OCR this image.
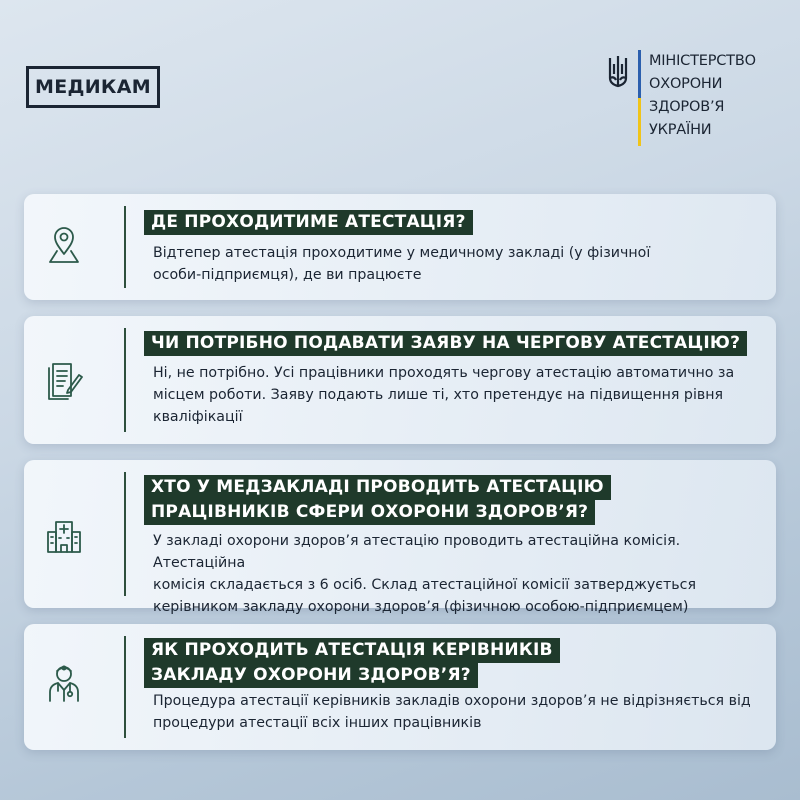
МЕДИКАМ
МІНІСТЕРСТВО
ОХОРОНИ
ЗДОРОВ’Я
УКРАЇНИ
ДЕ ПРОХОДИТИМЕ АТЕСТАЦІЯ?
Відтепер атестація проходитиме у медичному закладі (у фізичної
особи-підприємця), де ви працюєте
ЧИ ПОТРІБНО ПОДАВАТИ ЗАЯВУ НА ЧЕРГОВУ АТЕСТАЦІЮ?
Ні, не потрібно. Усі працівники проходять чергову атестацію автоматично за
місцем роботи. Заяву подають лише ті, хто претендує на підвищення рівня
кваліфікації
ХТО У МЕДЗАКЛАДІ ПРОВОДИТЬ АТЕСТАЦІЮ
ПРАЦІВНИКІВ СФЕРИ ОХОРОНИ ЗДОРОВ’Я?
У закладі охорони здоров’я атестацію проводить атестаційна комісія. Атестаційна
комісія складається з 6 осіб. Склад атестаційної комісії затверджується
керівником закладу охорони здоров’я (фізичною особою-підприємцем)
ЯК ПРОХОДИТЬ АТЕСТАЦІЯ КЕРІВНИКІВ
ЗАКЛАДУ ОХОРОНИ ЗДОРОВ’Я?
Процедура атестації керівників закладів охорони здоров’я не відрізняється від
процедури атестації всіх інших працівників
